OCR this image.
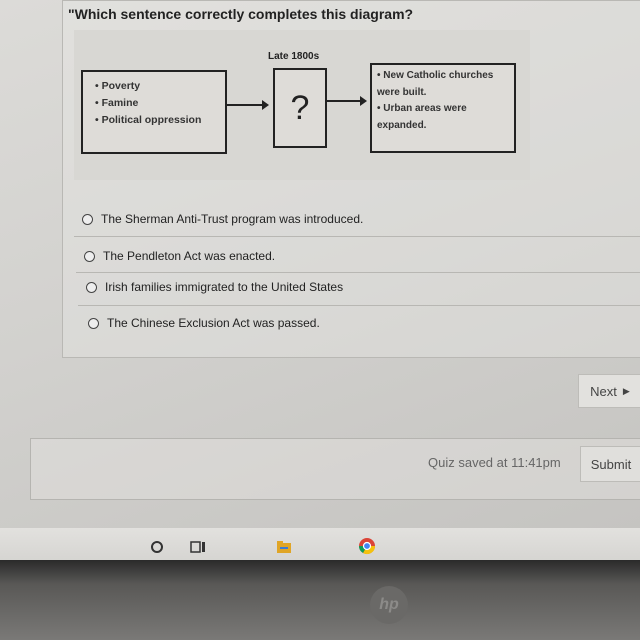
"Which sentence correctly completes this diagram?
Late 1800s
• Poverty
• Famine
• Political oppression	?
• New Catholic churches were built.
• Urban areas were expanded.
The Sherman Anti-Trust program was introduced.
The Pendleton Act was enacted.
Irish families immigrated to the United States
The Chinese Exclusion Act was passed.
Next ▶
Quiz saved at 11:41pm Submit
hp
